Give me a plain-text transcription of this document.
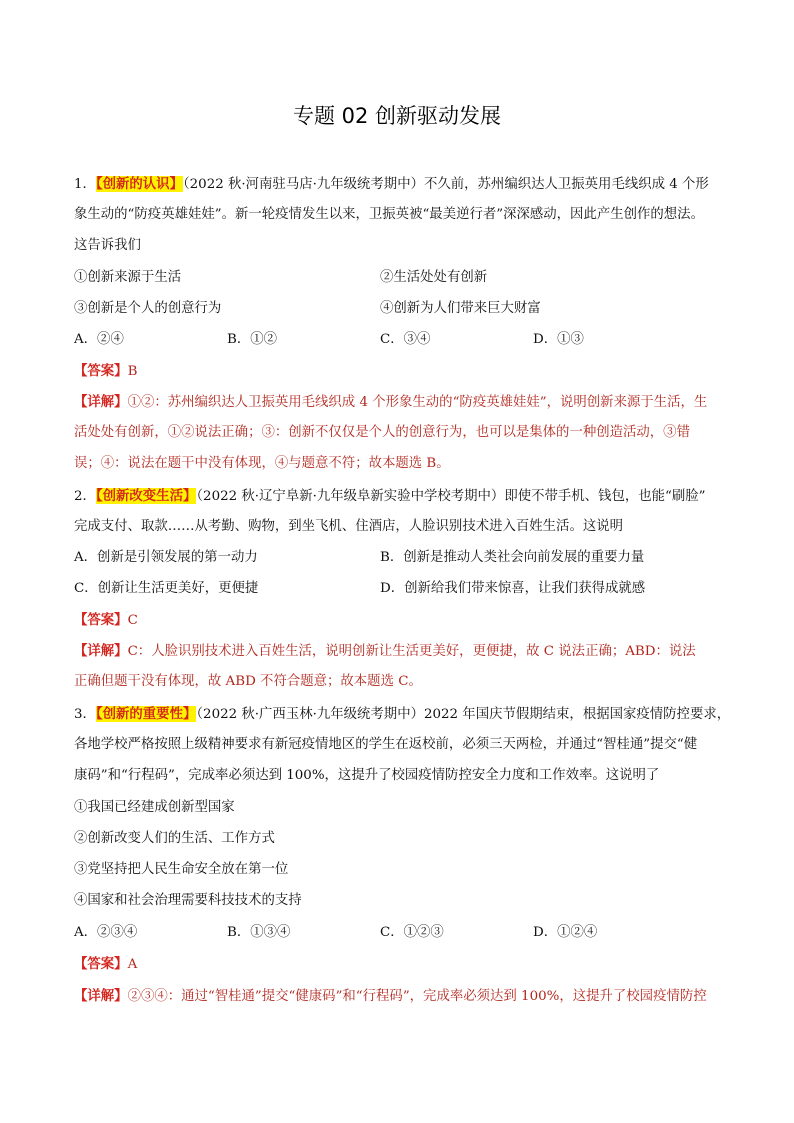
专题 02 创新驱动发展
1．【创新的认识】（2022 秋·河南驻马店·九年级统考期中）不久前，苏州编织达人卫振英用毛线织成 4 个形
象生动的“防疫英雄娃娃”。新一轮疫情发生以来，卫振英被“最美逆行者”深深感动，因此产生创作的想法。
这告诉我们
①创新来源于生活	②生活处处有创新
③创新是个人的创意行为	④创新为人们带来巨大财富
A．②④	B．①②	C．③④	D．①③
【答案】B
【详解】①②：苏州编织达人卫振英用毛线织成 4 个形象生动的“防疫英雄娃娃”，说明创新来源于生活，生
活处处有创新，①②说法正确；③：创新不仅仅是个人的创意行为，也可以是集体的一种创造活动，③错
误；④：说法在题干中没有体现，④与题意不符；故本题选 B。
2．【创新改变生活】（2022 秋·辽宁阜新·九年级阜新实验中学校考期中）即使不带手机、钱包，也能“刷脸”
完成支付、取款……从考勤、购物，到坐飞机、住酒店，人脸识别技术进入百姓生活。这说明
A．创新是引领发展的第一动力	B．创新是推动人类社会向前发展的重要力量
C．创新让生活更美好，更便捷	D．创新给我们带来惊喜，让我们获得成就感
【答案】C
【详解】C：人脸识别技术进入百姓生活，说明创新让生活更美好，更便捷，故 C 说法正确；ABD：说法
正确但题干没有体现，故 ABD 不符合题意；故本题选 C。
3．【创新的重要性】（2022 秋·广西玉林·九年级统考期中）2022 年国庆节假期结束，根据国家疫情防控要求，
各地学校严格按照上级精神要求有新冠疫情地区的学生在返校前，必须三天两检，并通过“智桂通”提交“健
康码”和“行程码”，完成率必须达到 100%，这提升了校园疫情防控安全力度和工作效率。这说明了
①我国已经建成创新型国家
②创新改变人们的生活、工作方式
③党坚持把人民生命安全放在第一位
④国家和社会治理需要科技技术的支持
A．②③④	B．①③④	C．①②③	D．①②④
【答案】A
【详解】②③④：通过“智桂通”提交“健康码”和“行程码”，完成率必须达到 100%，这提升了校园疫情防控
